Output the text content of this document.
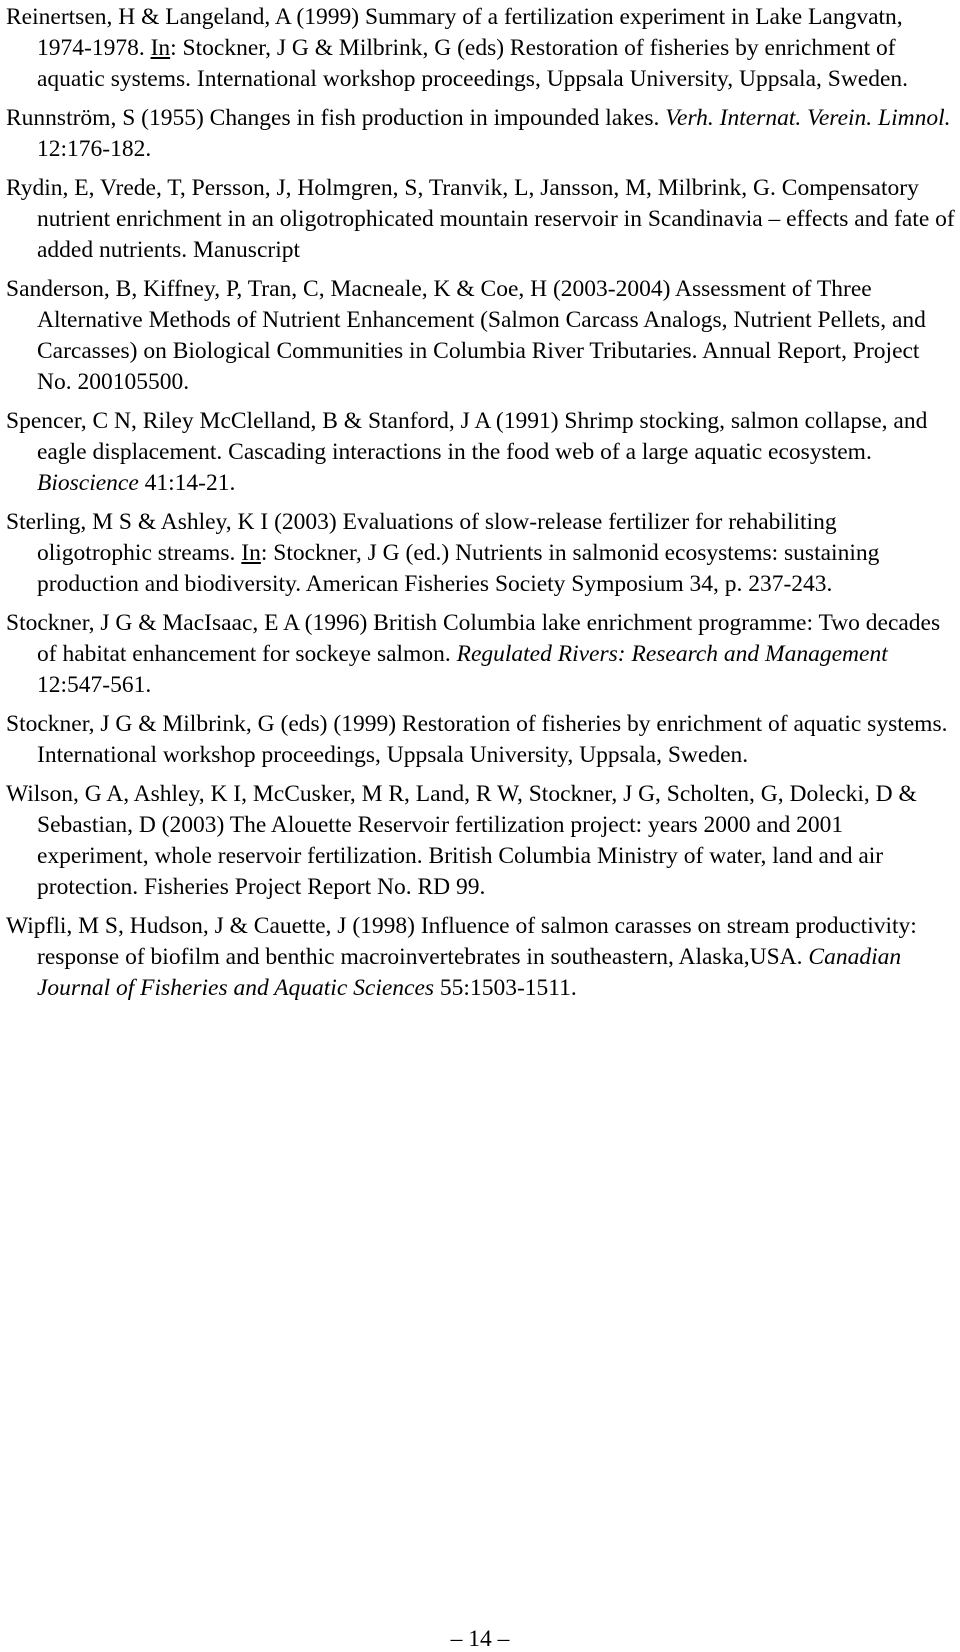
Reinertsen, H & Langeland, A (1999) Summary of a fertilization experiment in Lake Langvatn, 1974-1978. In: Stockner, J G & Milbrink, G (eds) Restoration of fisheries by enrichment of aquatic systems. International workshop proceedings, Uppsala University, Uppsala, Sweden.

Runnström, S (1955) Changes in fish production in impounded lakes. Verh. Internat. Verein. Limnol. 12:176-182.

Rydin, E, Vrede, T, Persson, J, Holmgren, S, Tranvik, L, Jansson, M, Milbrink, G. Compensatory nutrient enrichment in an oligotrophicated mountain reservoir in Scandinavia – effects and fate of added nutrients. Manuscript

Sanderson, B, Kiffney, P, Tran, C, Macneale, K & Coe, H (2003-2004) Assessment of Three Alternative Methods of Nutrient Enhancement (Salmon Carcass Analogs, Nutrient Pellets, and Carcasses) on Biological Communities in Columbia River Tributaries. Annual Report, Project No. 200105500.

Spencer, C N, Riley McClelland, B & Stanford, J A (1991) Shrimp stocking, salmon collapse, and eagle displacement. Cascading interactions in the food web of a large aquatic ecosystem. Bioscience 41:14-21.

Sterling, M S & Ashley, K I (2003) Evaluations of slow-release fertilizer for rehabiliting oligotrophic streams. In: Stockner, J G (ed.) Nutrients in salmonid ecosystems: sustaining production and biodiversity. American Fisheries Society Symposium 34, p. 237-243.

Stockner, J G & MacIsaac, E A (1996) British Columbia lake enrichment programme: Two decades of habitat enhancement for sockeye salmon. Regulated Rivers: Research and Management 12:547-561.

Stockner, J G & Milbrink, G (eds) (1999) Restoration of fisheries by enrichment of aquatic systems. International workshop proceedings, Uppsala University, Uppsala, Sweden.

Wilson, G A, Ashley, K I, McCusker, M R, Land, R W, Stockner, J G, Scholten, G, Dolecki, D & Sebastian, D (2003) The Alouette Reservoir fertilization project: years 2000 and 2001 experiment, whole reservoir fertilization. British Columbia Ministry of water, land and air protection. Fisheries Project Report No. RD 99.

Wipfli, M S, Hudson, J & Cauette, J (1998) Influence of salmon carasses on stream productivity: response of biofilm and benthic macroinvertebrates in southeastern, Alaska,USA. Canadian Journal of Fisheries and Aquatic Sciences 55:1503-1511.

– 14 –
